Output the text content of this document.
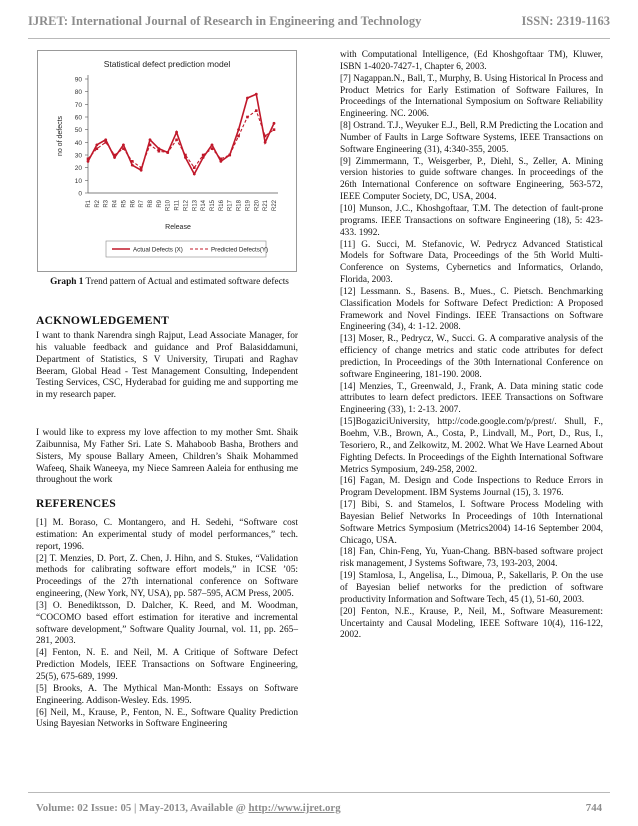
IJRET: International Journal of Research in Engineering and Technology	ISSN: 2319-1163
Statistical defect prediction model
0
10
20
30
40
50
60
70
80
90
no of defects
R1 R2 R3 R4 R5 R6 R7 R8 R9 R10 R11 R12 R13 R14 R15 R16 R17 R18 R19 R20 R21 R22
Release
Actual Defects (X)	Predicted Defects(Y)
Graph 1 Trend pattern of Actual and estimated software defects
ACKNOWLEDGEMENT

I want to thank Narendra singh Rajput, Lead Associate Manager, for his valuable feedback and guidance and Prof Balasiddamuni, Department of Statistics, S V University, Tirupati and Raghav Beeram, Global Head - Test Management Consulting, Independent Testing Services, CSC, Hyderabad for guiding me and supporting me in my research paper.

I would like to express my love affection to my mother Smt. Shaik Zaibunnisa, My Father Sri. Late S. Mahaboob Basha, Brothers and Sisters, My spouse Ballary Ameen, Children’s Shaik Mohammed Wafeeq, Shaik Waneeya, my Niece Samreen Aaleia for enthusing me throughout the work

REFERENCES

[1] M. Boraso, C. Montangero, and H. Sedehi, “Software cost estimation: An experimental study of model performances,” tech. report, 1996.

[2] T. Menzies, D. Port, Z. Chen, J. Hihn, and S. Stukes, “Validation methods for calibrating software effort models,” in ICSE ’05: Proceedings of the 27th international conference on Software engineering, (New York, NY, USA), pp. 587–595, ACM Press, 2005.

[3] O. Benediktsson, D. Dalcher, K. Reed, and M. Woodman, “COCOMO based effort estimation for iterative and incremental software development,” Software Quality Journal, vol. 11, pp. 265–281, 2003.

[4] Fenton, N. E. and Neil, M. A Critique of Software Defect Prediction Models, IEEE Transactions on Software Engineering, 25(5), 675-689, 1999.

[5] Brooks, A. The Mythical Man-Month: Essays on Software Engineering. Addison-Wesley. Eds. 1995.

[6] Neil, M., Krause, P., Fenton, N. E., Software Quality Prediction Using Bayesian Networks in Software Engineering

with Computational Intelligence, (Ed Khoshgoftaar TM), Kluwer, ISBN 1-4020-7427-1, Chapter 6, 2003.

[7] Nagappan.N., Ball, T., Murphy, B. Using Historical In Process and Product Metrics for Early Estimation of Software Failures, In Proceedings of the International Symposium on Software Reliability Engineering. NC. 2006.

[8] Ostrand. T.J., Weyuker E.J., Bell, R.M Predicting the Location and Number of Faults in Large Software Systems, IEEE Transactions on Software Engineering (31), 4:340-355, 2005.

[9] Zimmermann, T., Weisgerber, P., Diehl, S., Zeller, A. Mining version histories to guide software changes. In proceedings of the 26th International Conference on software Engineering, 563-572, IEEE Computer Society, DC, USA, 2004.

[10] Munson, J.C., Khoshgoftaar, T.M. The detection of fault-prone programs. IEEE Transactions on software Engineering (18), 5: 423-433. 1992.

[11] G. Succi, M. Stefanovic, W. Pedrycz Advanced Statistical Models for Software Data, Proceedings of the 5th World Multi-Conference on Systems, Cybernetics and Informatics, Orlando, Florida, 2003.

[12] Lessmann. S., Basens. B., Mues., C. Pietsch. Benchmarking Classification Models for Software Defect Prediction: A Proposed Framework and Novel Findings. IEEE Transactions on Software Engineering (34), 4: 1-12. 2008.

[13] Moser, R., Pedrycz, W., Succi. G. A comparative analysis of the efficiency of change metrics and static code attributes for defect prediction, In Proceedings of the 30th International Conference on software Engineering, 181-190. 2008.

[14] Menzies, T., Greenwald, J., Frank, A. Data mining static code attributes to learn defect predictors. IEEE Transactions on Software Engineering (33), 1: 2-13. 2007.

[15]BogaziciUniversity, http://code.google.com/p/prest/. Shull, F., Boehm, V.B., Brown, A., Costa, P., Lindvall, M., Port, D., Rus, I., Tesoriero, R., and Zelkowitz, M. 2002. What We Have Learned About Fighting Defects. In Proceedings of the Eighth International Software Metrics Symposium, 249-258, 2002.

[16] Fagan, M. Design and Code Inspections to Reduce Errors in Program Development. IBM Systems Journal (15), 3. 1976.

[17] Bibi, S. and Stamelos, I. Software Process Modeling with Bayesian Belief Networks In Proceedings of 10th International Software Metrics Symposium (Metrics2004) 14-16 September 2004, Chicago, USA.

[18] Fan, Chin-Feng, Yu, Yuan-Chang. BBN-based software project risk management, J Systems Software, 73, 193-203, 2004.

[19] Stamlosa, I., Angelisa, L., Dimoua, P., Sakellaris, P. On the use of Bayesian belief networks for the prediction of software productivity Information and Software Tech, 45 (1), 51-60, 2003.

[20] Fenton, N.E., Krause, P., Neil, M., Software Measurement: Uncertainty and Causal Modeling, IEEE Software 10(4), 116-122, 2002.

Volume: 02 Issue: 05 | May-2013, Available @ http://www.ijret.org	744
